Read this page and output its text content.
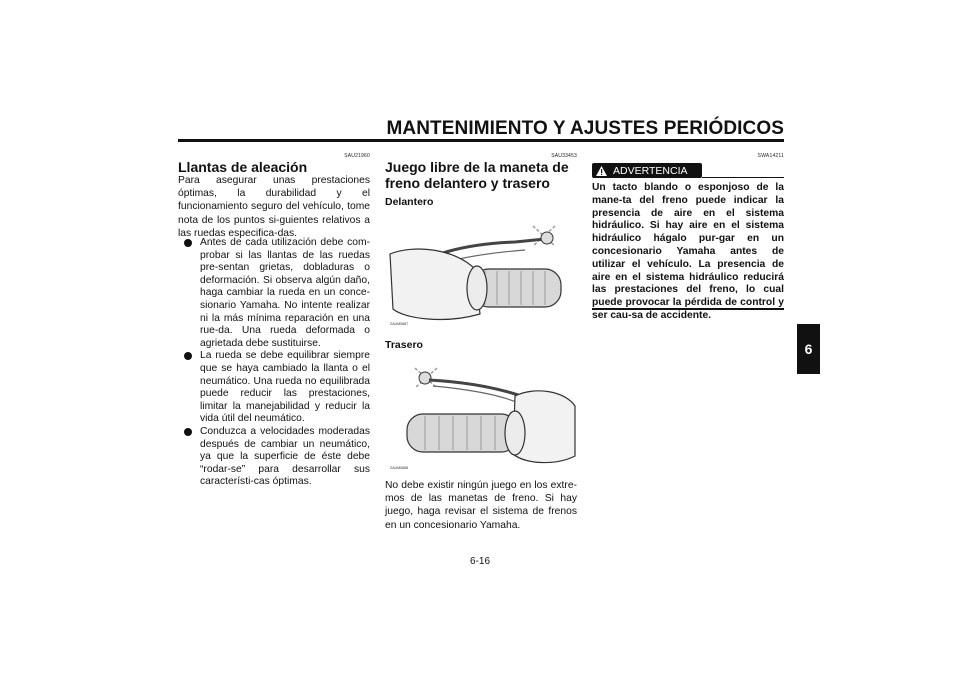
MANTENIMIENTO Y AJUSTES PERIÓDICOS
6
SAU21960
Llantas de aleación
Para asegurar unas prestaciones óptimas, la durabilidad y el funcionamiento seguro del vehículo, tome nota de los puntos si-guientes relativos a las ruedas especifica-das.
Antes de cada utilización debe com-probar si las llantas de las ruedas pre-sentan grietas, dobladuras o deformación. Si observa algún daño, haga cambiar la rueda en un conce-sionario Yamaha. No intente realizar ni la más mínima reparación en una rue-da. Una rueda deformada o agrietada debe sustituirse.
La rueda se debe equilibrar siempre que se haya cambiado la llanta o el neumático. Una rueda no equilibrada puede reducir las prestaciones, limitar la manejabilidad y reducir la vida útil del neumático.
Conduzca a velocidades moderadas después de cambiar un neumático, ya que la superficie de éste debe “rodar-se” para desarrollar sus característi-cas óptimas.
SAU33453
Juego libre de la maneta de freno delantero y trasero
Delantero
ZAUM0887
Trasero
ZAUM0888
No debe existir ningún juego en los extre-mos de las manetas de freno. Si hay juego, haga revisar el sistema de frenos en un concesionario Yamaha.
SWA14211
ADVERTENCIA
Un tacto blando o esponjoso de la mane-ta del freno puede indicar la presencia de aire en el sistema hidráulico. Si hay aire en el sistema hidráulico hágalo pur-gar en un concesionario Yamaha antes de utilizar el vehículo. La presencia de aire en el sistema hidráulico reducirá las prestaciones del freno, lo cual puede provocar la pérdida de control y ser cau-sa de accidente.
6-16
